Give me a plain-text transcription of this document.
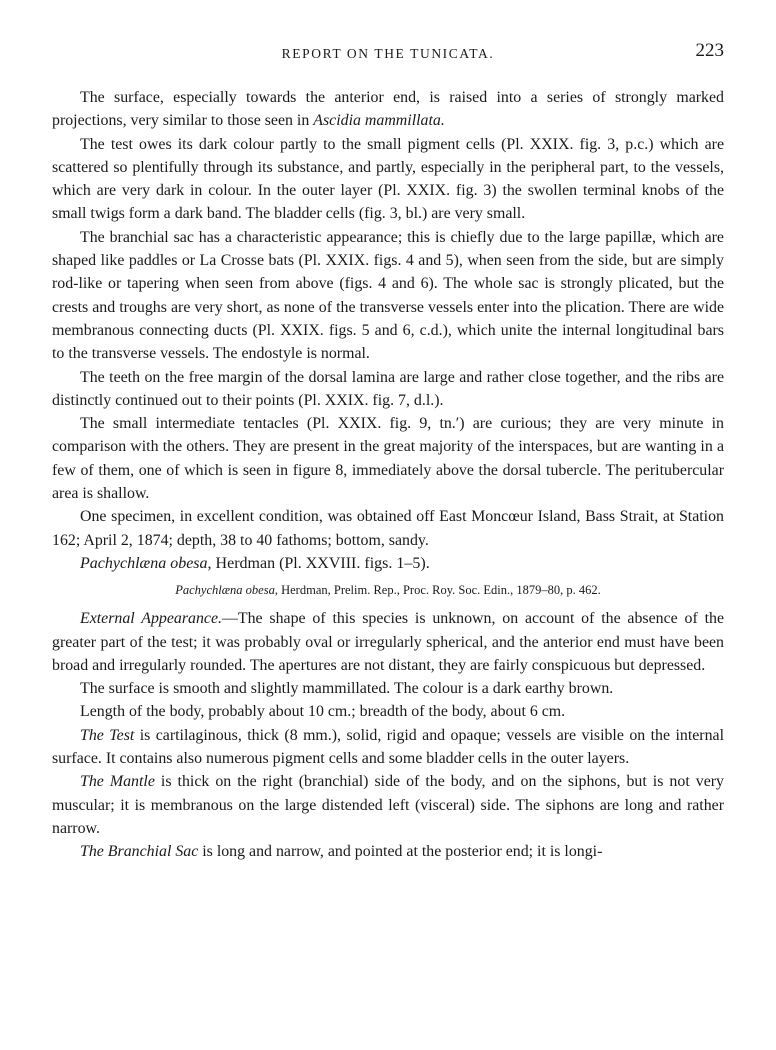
REPORT ON THE TUNICATA.	223

The surface, especially towards the anterior end, is raised into a series of strongly marked projections, very similar to those seen in Ascidia mammillata.

The test owes its dark colour partly to the small pigment cells (Pl. XXIX. fig. 3, p.c.) which are scattered so plentifully through its substance, and partly, especially in the peripheral part, to the vessels, which are very dark in colour. In the outer layer (Pl. XXIX. fig. 3) the swollen terminal knobs of the small twigs form a dark band. The bladder cells (fig. 3, bl.) are very small.

The branchial sac has a characteristic appearance; this is chiefly due to the large papillæ, which are shaped like paddles or La Crosse bats (Pl. XXIX. figs. 4 and 5), when seen from the side, but are simply rod-like or tapering when seen from above (figs. 4 and 6). The whole sac is strongly plicated, but the crests and troughs are very short, as none of the transverse vessels enter into the plication. There are wide membranous connecting ducts (Pl. XXIX. figs. 5 and 6, c.d.), which unite the internal longitudinal bars to the transverse vessels. The endostyle is normal.

The teeth on the free margin of the dorsal lamina are large and rather close together, and the ribs are distinctly continued out to their points (Pl. XXIX. fig. 7, d.l.).

The small intermediate tentacles (Pl. XXIX. fig. 9, tn.′) are curious; they are very minute in comparison with the others. They are present in the great majority of the interspaces, but are wanting in a few of them, one of which is seen in figure 8, immediately above the dorsal tubercle. The peritubercular area is shallow.

One specimen, in excellent condition, was obtained off East Moncœur Island, Bass Strait, at Station 162; April 2, 1874; depth, 38 to 40 fathoms; bottom, sandy.

Pachychlæna obesa, Herdman (Pl. XXVIII. figs. 1–5).

Pachychlæna obesa, Herdman, Prelim. Rep., Proc. Roy. Soc. Edin., 1879–80, p. 462.

External Appearance.—The shape of this species is unknown, on account of the absence of the greater part of the test; it was probably oval or irregularly spherical, and the anterior end must have been broad and irregularly rounded. The apertures are not distant, they are fairly conspicuous but depressed.

The surface is smooth and slightly mammillated. The colour is a dark earthy brown.

Length of the body, probably about 10 cm.; breadth of the body, about 6 cm.

The Test is cartilaginous, thick (8 mm.), solid, rigid and opaque; vessels are visible on the internal surface. It contains also numerous pigment cells and some bladder cells in the outer layers.

The Mantle is thick on the right (branchial) side of the body, and on the siphons, but is not very muscular; it is membranous on the large distended left (visceral) side. The siphons are long and rather narrow.

The Branchial Sac is long and narrow, and pointed at the posterior end; it is longi-
